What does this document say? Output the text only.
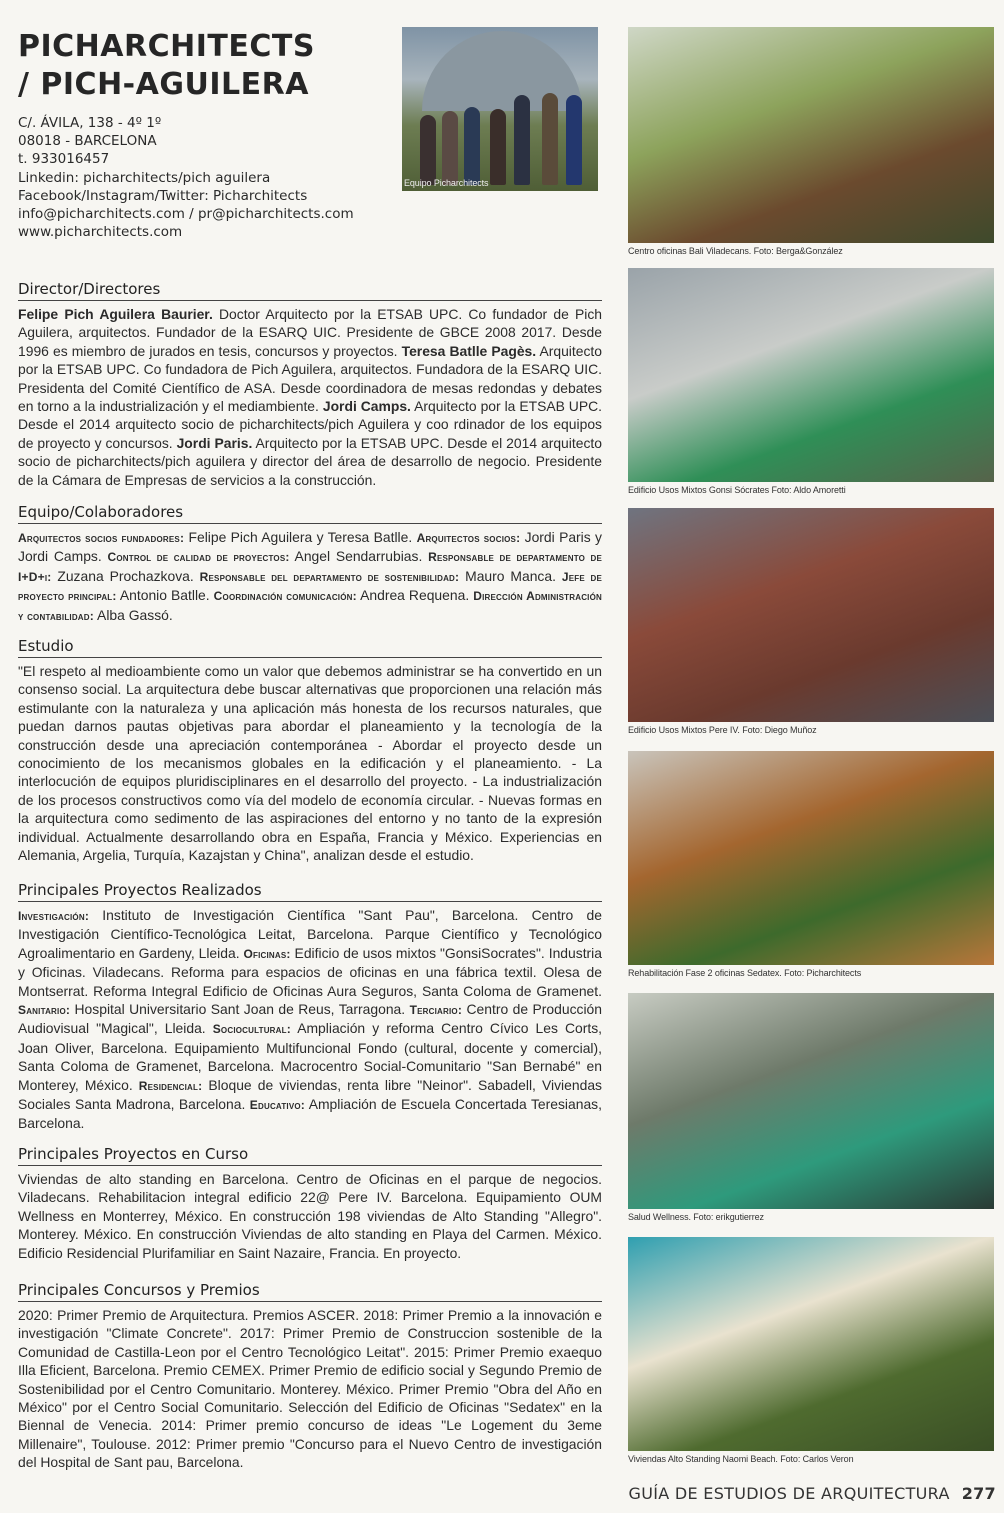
PICHARCHITECTS
/ PICH-AGUILERA
C/. ÁVILA, 138 - 4º 1º
08018 - BARCELONA
t. 933016457
Linkedin: picharchitects/pich aguilera
Facebook/Instagram/Twitter: Picharchitects
info@picharchitects.com / pr@picharchitects.com
www.picharchitects.com
Equipo Picharchitects
Director/Directores

Felipe Pich Aguilera Baurier. Doctor Arquitecto por la ETSAB UPC. Co fundador de Pich Aguilera, arquitectos. Fundador de la ESARQ UIC. Presidente de GBCE 2008 2017. Desde 1996 es miembro de jurados en tesis, concursos y proyectos. Teresa Batlle Pagès. Arquitecto por la ETSAB UPC. Co fundadora de Pich Aguilera, arquitectos. Fundadora de la ESARQ UIC. Presidenta del Comité Científico de ASA. Desde coordinadora de mesas redondas y debates en torno a la industrialización y el mediambiente. Jordi Camps. Arquitecto por la ETSAB UPC. Desde el 2014 arquitecto socio de picharchitects/pich Aguilera y coo rdinador de los equipos de proyecto y concursos. Jordi Paris. Arquitecto por la ETSAB UPC. Desde el 2014 arquitecto socio de picharchitects/pich aguilera y director del área de desarrollo de negocio. Presidente de la Cámara de Empresas de servicios a la construcción.

Equipo/Colaboradores

Arquitectos socios fundadores: Felipe Pich Aguilera y Teresa Batlle. Arquitectos socios: Jordi Paris y Jordi Camps. Control de calidad de proyectos: Angel Sendarrubias. Responsable de departamento de I+D+i: Zuzana Prochazkova. Responsable del departamento de sostenibilidad: Mauro Manca. Jefe de proyecto principal: Antonio Batlle. Coordinación comunicación: Andrea Requena. Dirección Administración y contabilidad: Alba Gassó.

Estudio

"El respeto al medioambiente como un valor que debemos administrar se ha convertido en un consenso social. La arquitectura debe buscar alternativas que proporcionen una relación más estimulante con la naturaleza y una aplicación más honesta de los recursos naturales, que puedan darnos pautas objetivas para abordar el planeamiento y la tecnología de la construcción desde una apreciación contemporánea - Abordar el proyecto desde un conocimiento de los mecanismos globales en la edificación y el planeamiento. - La interlocución de equipos pluridisciplinares en el desarrollo del proyecto. - La industrialización de los procesos constructivos como vía del modelo de economía circular. - Nuevas formas en la arquitectura como sedimento de las aspiraciones del entorno y no tanto de la expresión individual. Actualmente desarrollando obra en España, Francia y México. Experiencias en Alemania, Argelia, Turquía, Kazajstan y China", analizan desde el estudio.

Principales Proyectos Realizados

Investigación: Instituto de Investigación Científica "Sant Pau", Barcelona. Centro de Investigación Científico-Tecnológica Leitat, Barcelona. Parque Científico y Tecnológico Agroalimentario en Gardeny, Lleida. Oficinas: Edificio de usos mixtos "GonsiSocrates". Industria y Oficinas. Viladecans. Reforma para espacios de oficinas en una fábrica textil. Olesa de Montserrat. Reforma Integral Edificio de Oficinas Aura Seguros, Santa Coloma de Gramenet. Sanitario: Hospital Universitario Sant Joan de Reus, Tarragona. Terciario: Centro de Producción Audiovisual "Magical", Lleida. Sociocultural: Ampliación y reforma Centro Cívico Les Corts, Joan Oliver, Barcelona. Equipamiento Multifuncional Fondo (cultural, docente y comercial), Santa Coloma de Gramenet, Barcelona. Macrocentro Social-Comunitario "San Bernabé" en Monterey, México. Residencial: Bloque de viviendas, renta libre "Neinor". Sabadell, Viviendas Sociales Santa Madrona, Barcelona. Educativo: Ampliación de Escuela Concertada Teresianas, Barcelona.

Principales Proyectos en Curso

Viviendas de alto standing en Barcelona. Centro de Oficinas en el parque de negocios. Viladecans. Rehabilitacion integral edificio 22@ Pere IV. Barcelona. Equipamiento OUM Wellness en Monterrey, México. En construcción 198 viviendas de Alto Standing "Allegro". Monterey. México. En construcción Viviendas de alto standing en Playa del Carmen. México. Edificio Residencial Plurifamiliar en Saint Nazaire, Francia. En proyecto.

Principales Concursos y Premios

2020: Primer Premio de Arquitectura. Premios ASCER. 2018: Primer Premio a la innovación e investigación "Climate Concrete". 2017: Primer Premio de Construccion sostenible de la Comunidad de Castilla-Leon por el Centro Tecnológico Leitat". 2015: Primer Premio exaequo Illa Eficient, Barcelona. Premio CEMEX. Primer Premio de edificio social y Segundo Premio de Sostenibilidad por el Centro Comunitario. Monterey. México. Primer Premio "Obra del Año en México" por el Centro Social Comunitario. Selección del Edificio de Oficinas "Sedatex" en la Biennal de Venecia. 2014: Primer premio concurso de ideas "Le Logement du 3eme Millenaire", Toulouse. 2012: Primer premio "Concurso para el Nuevo Centro de investigación del Hospital de Sant pau, Barcelona.

Centro oficinas Bali Viladecans. Foto: Berga&González
Edificio Usos Mixtos Gonsi Sócrates Foto: Aldo Amoretti
Edificio Usos Mixtos Pere IV. Foto: Diego Muñoz
Rehabilitación Fase 2 oficinas Sedatex. Foto: Picharchitects
Salud Wellness. Foto: erikgutierrez
Viviendas Alto Standing Naomi Beach. Foto: Carlos Veron
GUÍA DE ESTUDIOS DE ARQUITECTURA 277
